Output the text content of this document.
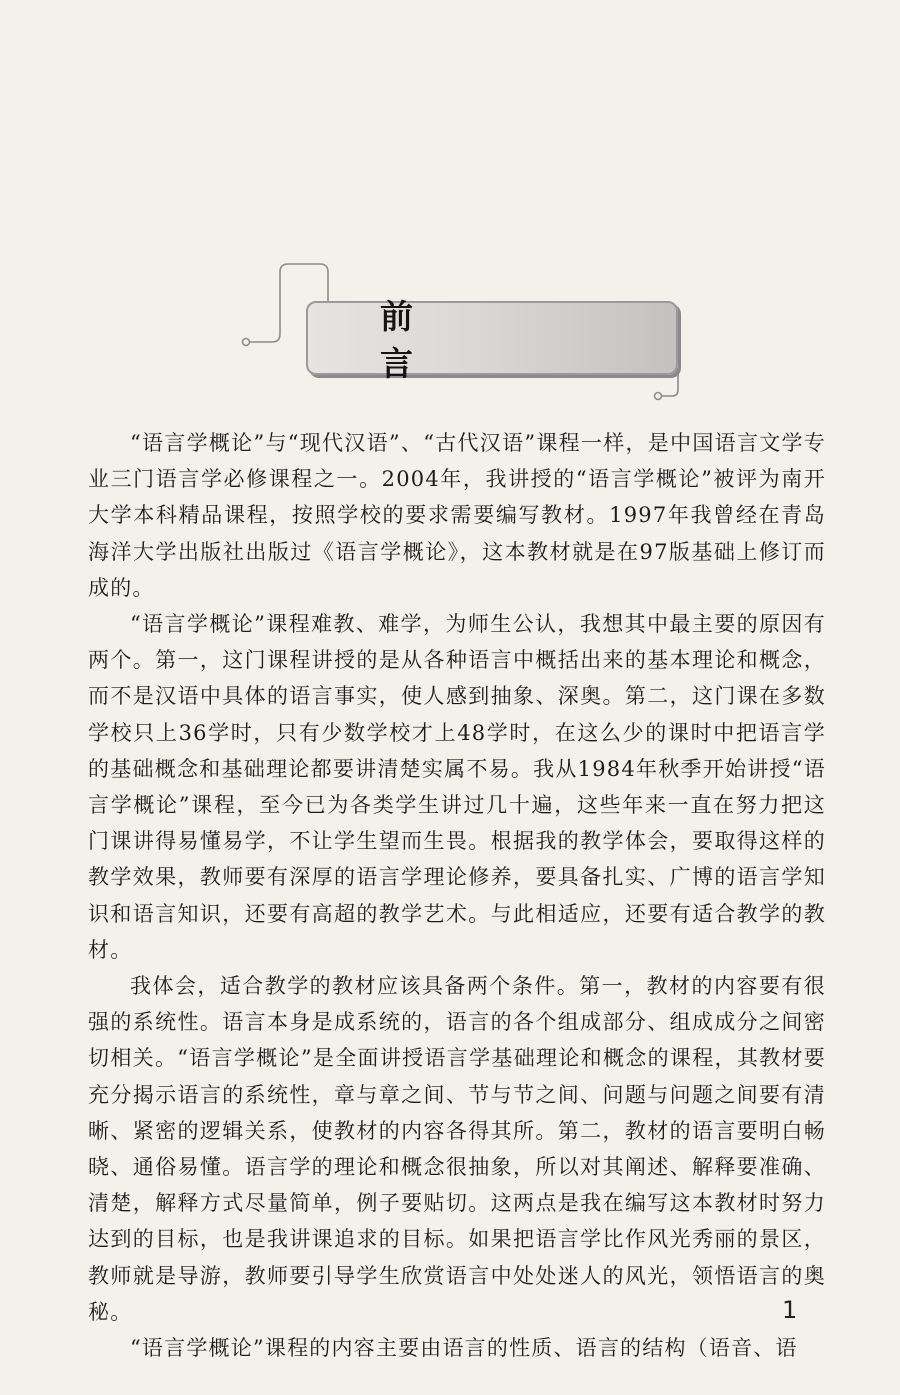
前　言

“语言学概论”与“现代汉语”、“古代汉语”课程一样，是中国语言文学专业三门语言学必修课程之一。2004年，我讲授的“语言学概论”被评为南开大学本科精品课程，按照学校的要求需要编写教材。1997年我曾经在青岛海洋大学出版社出版过《语言学概论》，这本教材就是在97版基础上修订而成的。

“语言学概论”课程难教、难学，为师生公认，我想其中最主要的原因有两个。第一，这门课程讲授的是从各种语言中概括出来的基本理论和概念，而不是汉语中具体的语言事实，使人感到抽象、深奥。第二，这门课在多数学校只上36学时，只有少数学校才上48学时，在这么少的课时中把语言学的基础概念和基础理论都要讲清楚实属不易。我从1984年秋季开始讲授“语言学概论”课程，至今已为各类学生讲过几十遍，这些年来一直在努力把这门课讲得易懂易学，不让学生望而生畏。根据我的教学体会，要取得这样的教学效果，教师要有深厚的语言学理论修养，要具备扎实、广博的语言学知识和语言知识，还要有高超的教学艺术。与此相适应，还要有适合教学的教材。

我体会，适合教学的教材应该具备两个条件。第一，教材的内容要有很强的系统性。语言本身是成系统的，语言的各个组成部分、组成成分之间密切相关。“语言学概论”是全面讲授语言学基础理论和概念的课程，其教材要充分揭示语言的系统性，章与章之间、节与节之间、问题与问题之间要有清晰、紧密的逻辑关系，使教材的内容各得其所。第二，教材的语言要明白畅晓、通俗易懂。语言学的理论和概念很抽象，所以对其阐述、解释要准确、清楚，解释方式尽量简单，例子要贴切。这两点是我在编写这本教材时努力达到的目标，也是我讲课追求的目标。如果把语言学比作风光秀丽的景区，教师就是导游，教师要引导学生欣赏语言中处处迷人的风光，领悟语言的奥秘。

“语言学概论”课程的内容主要由语言的性质、语言的结构（语音、语

1
